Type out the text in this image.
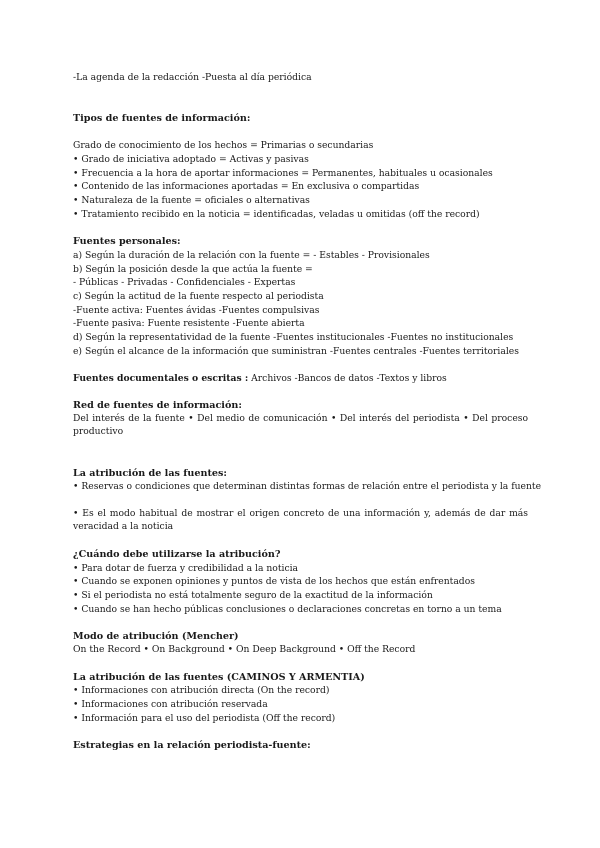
-La agenda de la redacción -Puesta al día periódica
Tipos de fuentes de información:
Grado de conocimiento de los hechos = Primarias o secundarias
• Grado de iniciativa adoptado = Activas y pasivas
• Frecuencia a la hora de aportar informaciones = Permanentes, habituales u ocasionales
• Contenido de las informaciones aportadas = En exclusiva o compartidas
• Naturaleza de la fuente = oficiales o alternativas
• Tratamiento recibido en la noticia = identificadas, veladas u omitidas (off the record)
Fuentes personales:
a) Según la duración de la relación con la fuente = - Estables - Provisionales
b) Según la posición desde la que actúa la fuente =
- Públicas - Privadas - Confidenciales - Expertas
c) Según la actitud de la fuente respecto al periodista
-Fuente activa: Fuentes ávidas -Fuentes compulsivas
-Fuente pasiva: Fuente resistente -Fuente abierta
d) Según la representatividad de la fuente -Fuentes institucionales -Fuentes no institucionales
e) Según el alcance de la información que suministran -Fuentes centrales -Fuentes territoriales
Fuentes documentales o escritas : Archivos -Bancos de datos -Textos y libros
Red de fuentes de información:
Del interés de la fuente • Del medio de comunicación • Del interés del periodista • Del proceso productivo
La atribución de las fuentes:
• Reservas o condiciones que determinan distintas formas de relación entre el periodista y la fuente
• Es el modo habitual de mostrar el origen concreto de una información y, además de dar más veracidad a la noticia
¿Cuándo debe utilizarse la atribución?
• Para dotar de fuerza y credibilidad a la noticia
• Cuando se exponen opiniones y puntos de vista de los hechos que están enfrentados
• Si el periodista no está totalmente seguro de la exactitud de la información
• Cuando se han hecho públicas conclusiones o declaraciones concretas en torno a un tema
Modo de atribución (Mencher)
On the Record • On Background • On Deep Background • Off the Record
La atribución de las fuentes (CAMINOS Y ARMENTIA)
• Informaciones con atribución directa (On the record)
• Informaciones con atribución reservada
• Información para el uso del periodista (Off the record)
Estrategias en la relación periodista-fuente:
